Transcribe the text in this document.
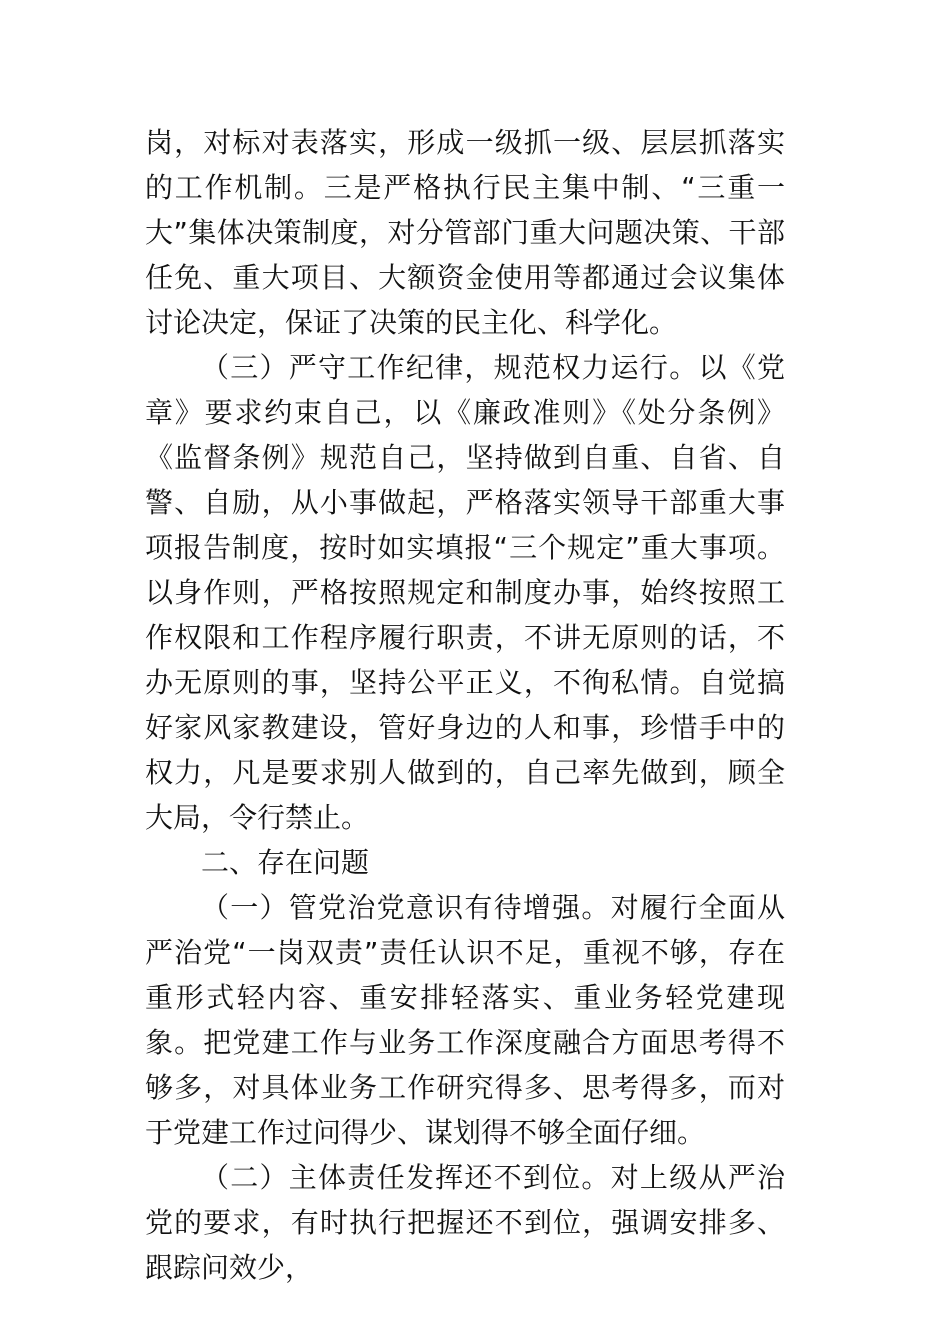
岗，对标对表落实，形成一级抓一级、层层抓落实的工作机制。三是严格执行民主集中制、“三重一大”集体决策制度，对分管部门重大问题决策、干部任免、重大项目、大额资金使用等都通过会议集体讨论决定，保证了决策的民主化、科学化。

（三）严守工作纪律，规范权力运行。以《党章》要求约束自己，以《廉政准则》《处分条例》《监督条例》规范自己，坚持做到自重、自省、自警、自励，从小事做起，严格落实领导干部重大事项报告制度，按时如实填报“三个规定”重大事项。以身作则，严格按照规定和制度办事，始终按照工作权限和工作程序履行职责，不讲无原则的话，不办无原则的事，坚持公平正义，不徇私情。自觉搞好家风家教建设，管好身边的人和事，珍惜手中的权力，凡是要求别人做到的，自己率先做到，顾全大局，令行禁止。

二、存在问题

（一）管党治党意识有待增强。对履行全面从严治党“一岗双责”责任认识不足，重视不够，存在重形式轻内容、重安排轻落实、重业务轻党建现象。把党建工作与业务工作深度融合方面思考得不够多，对具体业务工作研究得多、思考得多，而对于党建工作过问得少、谋划得不够全面仔细。

（二）主体责任发挥还不到位。对上级从严治党的要求，有时执行把握还不到位，强调安排多、跟踪问效少，
